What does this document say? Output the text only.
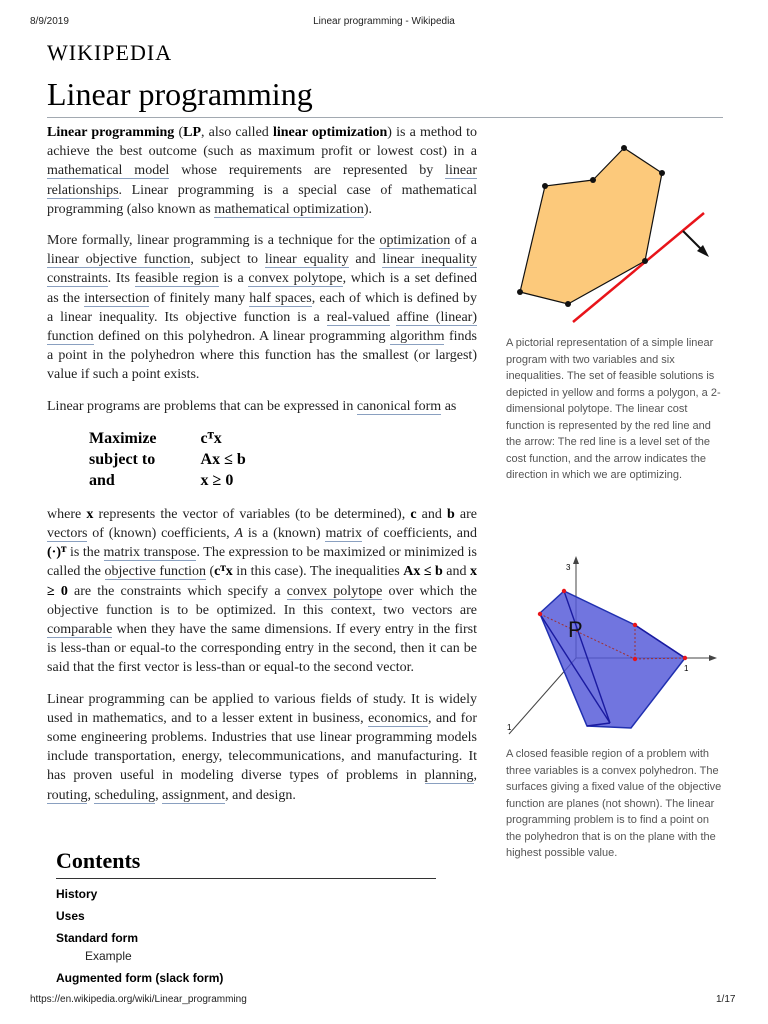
8/9/2019	Linear programming - Wikipedia
WIKIPEDIA
Linear programming

Linear programming (LP, also called linear optimization) is a method to achieve the best outcome (such as maximum profit or lowest cost) in a mathematical model whose requirements are represented by linear relationships. Linear programming is a special case of mathematical programming (also known as mathematical optimization).

More formally, linear programming is a technique for the optimization of a linear objective function, subject to linear equality and linear inequality constraints. Its feasible region is a convex polytope, which is a set defined as the intersection of finitely many half spaces, each of which is defined by a linear inequality. Its objective function is a real-valued affine (linear) function defined on this polyhedron. A linear programming algorithm finds a point in the polyhedron where this function has the smallest (or largest) value if such a point exists.

Linear programs are problems that can be expressed in canonical form as

Maximize	cᵀx
subject to	Ax ≤ b
and	x ≥ 0

where x represents the vector of variables (to be determined), c and b are vectors of (known) coefficients, A is a (known) matrix of coefficients, and (·)ᵀ is the matrix transpose. The expression to be maximized or minimized is called the objective function (cᵀx in this case). The inequalities Ax ≤ b and x ≥ 0 are the constraints which specify a convex polytope over which the objective function is to be optimized. In this context, two vectors are comparable when they have the same dimensions. If every entry in the first is less-than or equal-to the corresponding entry in the second, then it can be said that the first vector is less-than or equal-to the second vector.

Linear programming can be applied to various fields of study. It is widely used in mathematics, and to a lesser extent in business, economics, and for some engineering problems. Industries that use linear programming models include transportation, energy, telecommunications, and manufacturing. It has proven useful in modeling diverse types of problems in planning, routing, scheduling, assignment, and design.

Contents
History
Uses
Standard form
Example
Augmented form (slack form)
A pictorial representation of a simple linear program with two variables and six inequalities. The set of feasible solutions is depicted in yellow and forms a polygon, a 2-dimensional polytope. The linear cost function is represented by the red line and the arrow: The red line is a level set of the cost function, and the arrow indicates the direction in which we are optimizing.
3
1
1
P
A closed feasible region of a problem with three variables is a convex polyhedron. The surfaces giving a fixed value of the objective function are planes (not shown). The linear programming problem is to find a point on the polyhedron that is on the plane with the highest possible value.
https://en.wikipedia.org/wiki/Linear_programming	1/17
